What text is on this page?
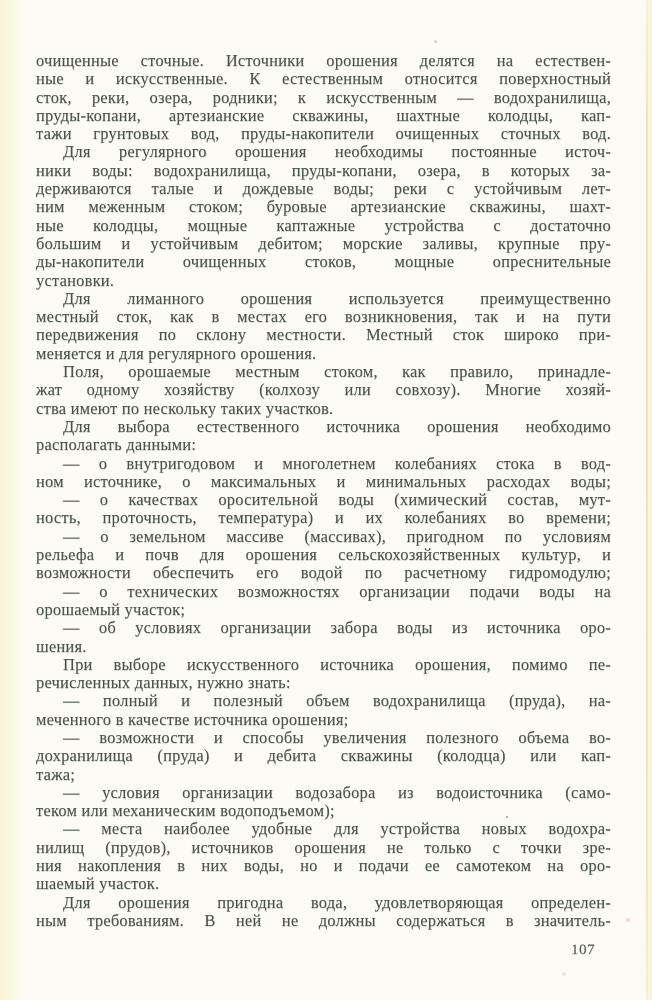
очищенные сточные. Источники орошения делятся на естествен-
ные и искусственные. К естественным относится поверхностный
сток, реки, озера, родники; к искусственным — водохранилища,
пруды-копани, артезианские скважины, шахтные колодцы, кап-
тажи грунтовых вод, пруды-накопители очищенных сточных вод.
Для регулярного орошения необходимы постоянные источ-
ники воды: водохранилища, пруды-копани, озера, в которых за-
держиваются талые и дождевые воды; реки с устойчивым лет-
ним меженным стоком; буровые артезианские скважины, шахт-
ные колодцы, мощные каптажные устройства с достаточно
большим и устойчивым дебитом; морские заливы, крупные пру-
ды-накопители очищенных стоков, мощные опреснительные
установки.
Для лиманного орошения используется преимущественно
местный сток, как в местах его возникновения, так и на пути
передвижения по склону местности. Местный сток широко при-
меняется и для регулярного орошения.
Поля, орошаемые местным стоком, как правило, принадле-
жат одному хозяйству (колхозу или совхозу). Многие хозяй-
ства имеют по нескольку таких участков.
Для выбора естественного источника орошения необходимо
располагать данными:
— о внутригодовом и многолетнем колебаниях стока в вод-
ном источнике, о максимальных и минимальных расходах воды;
— о качествах оросительной воды (химический состав, мут-
ность, проточность, температура) и их колебаниях во времени;
— о земельном массиве (массивах), пригодном по условиям
рельефа и почв для орошения сельскохозяйственных культур, и
возможности обеспечить его водой по расчетному гидромодулю;
— о технических возможностях организации подачи воды на
орошаемый участок;
— об условиях организации забора воды из источника оро-
шения.
При выборе искусственного источника орошения, помимо пе-
речисленных данных, нужно знать:
— полный и полезный объем водохранилища (пруда), на-
меченного в качестве источника орошения;
— возможности и способы увеличения полезного объема во-
дохранилища (пруда) и дебита скважины (колодца) или кап-
тажа;
— условия организации водозабора из водоисточника (само-
теком или механическим водоподъемом);
— места наиболее удобные для устройства новых водохра-
нилищ (прудов), источников орошения не только с точки зре-
ния накопления в них воды, но и подачи ее самотеком на оро-
шаемый участок.
Для орошения пригодна вода, удовлетворяющая определен-
ным требованиям. В ней не должны содержаться в значитель-
107
